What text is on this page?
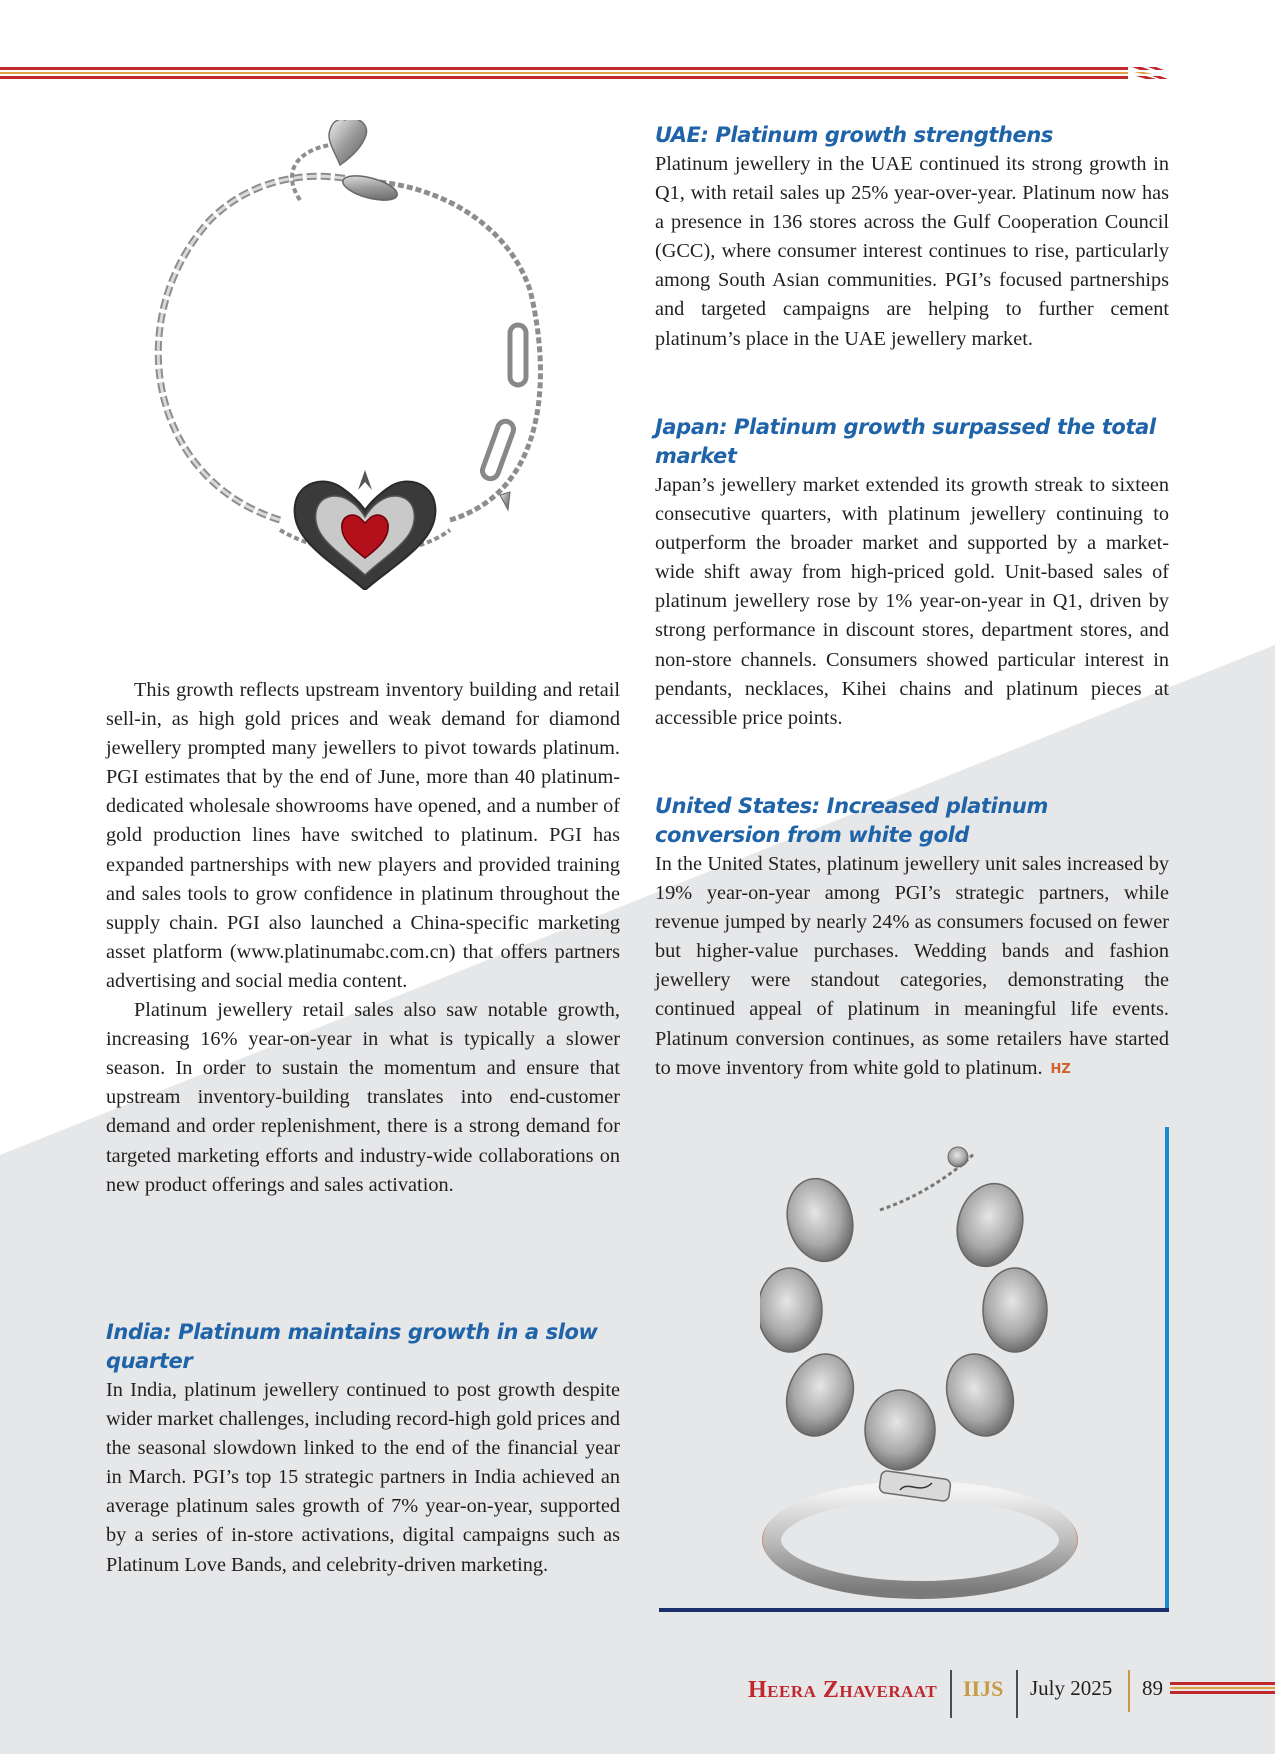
This growth reflects upstream inventory building and retail sell-in, as high gold prices and weak demand for diamond jewellery prompted many jewellers to pivot towards platinum. PGI estimates that by the end of June, more than 40 platinum-dedicated wholesale showrooms have opened, and a number of gold production lines have switched to platinum. PGI has expanded partnerships with new players and provided training and sales tools to grow confidence in platinum throughout the supply chain. PGI also launched a China-specific marketing asset platform (www.platinumabc.com.cn) that offers partners advertising and social media content.

Platinum jewellery retail sales also saw notable growth, increasing 16% year-on-year in what is typically a slower season. In order to sustain the momentum and ensure that upstream inventory-building translates into end-customer demand and order replenishment, there is a strong demand for targeted marketing efforts and industry-wide collaborations on new product offerings and sales activation.

India: Platinum maintains growth in a slow quarter

In India, platinum jewellery continued to post growth despite wider market challenges, including record-high gold prices and the seasonal slowdown linked to the end of the financial year in March. PGI’s top 15 strategic partners in India achieved an average platinum sales growth of 7% year-on-year, supported by a series of in-store activations, digital campaigns such as Platinum Love Bands, and celebrity-driven marketing.

UAE: Platinum growth strengthens

Platinum jewellery in the UAE continued its strong growth in Q1, with retail sales up 25% year-over-year. Platinum now has a presence in 136 stores across the Gulf Cooperation Council (GCC), where consumer interest continues to rise, particularly among South Asian communities. PGI’s focused partnerships and targeted campaigns are helping to further cement platinum’s place in the UAE jewellery market.

Japan: Platinum growth surpassed the total market

Japan’s jewellery market extended its growth streak to sixteen consecutive quarters, with platinum jewellery continuing to outperform the broader market and supported by a market-wide shift away from high-priced gold. Unit-based sales of platinum jewellery rose by 1% year-on-year in Q1, driven by strong performance in discount stores, department stores, and non-store channels. Consumers showed particular interest in pendants, necklaces, Kihei chains and platinum pieces at accessible price points.

United States: Increased platinum conversion from white gold

In the United States, platinum jewellery unit sales increased by 19% year-on-year among PGI’s strategic partners, while revenue jumped by nearly 24% as consumers focused on fewer but higher-value purchases. Wedding bands and fashion jewellery were standout categories, demonstrating the continued appeal of platinum in meaningful life events. Platinum conversion continues, as some retailers have started to move inventory from white gold to platinum. HZ

Heera Zhaveraat IIJS July 2025 89
